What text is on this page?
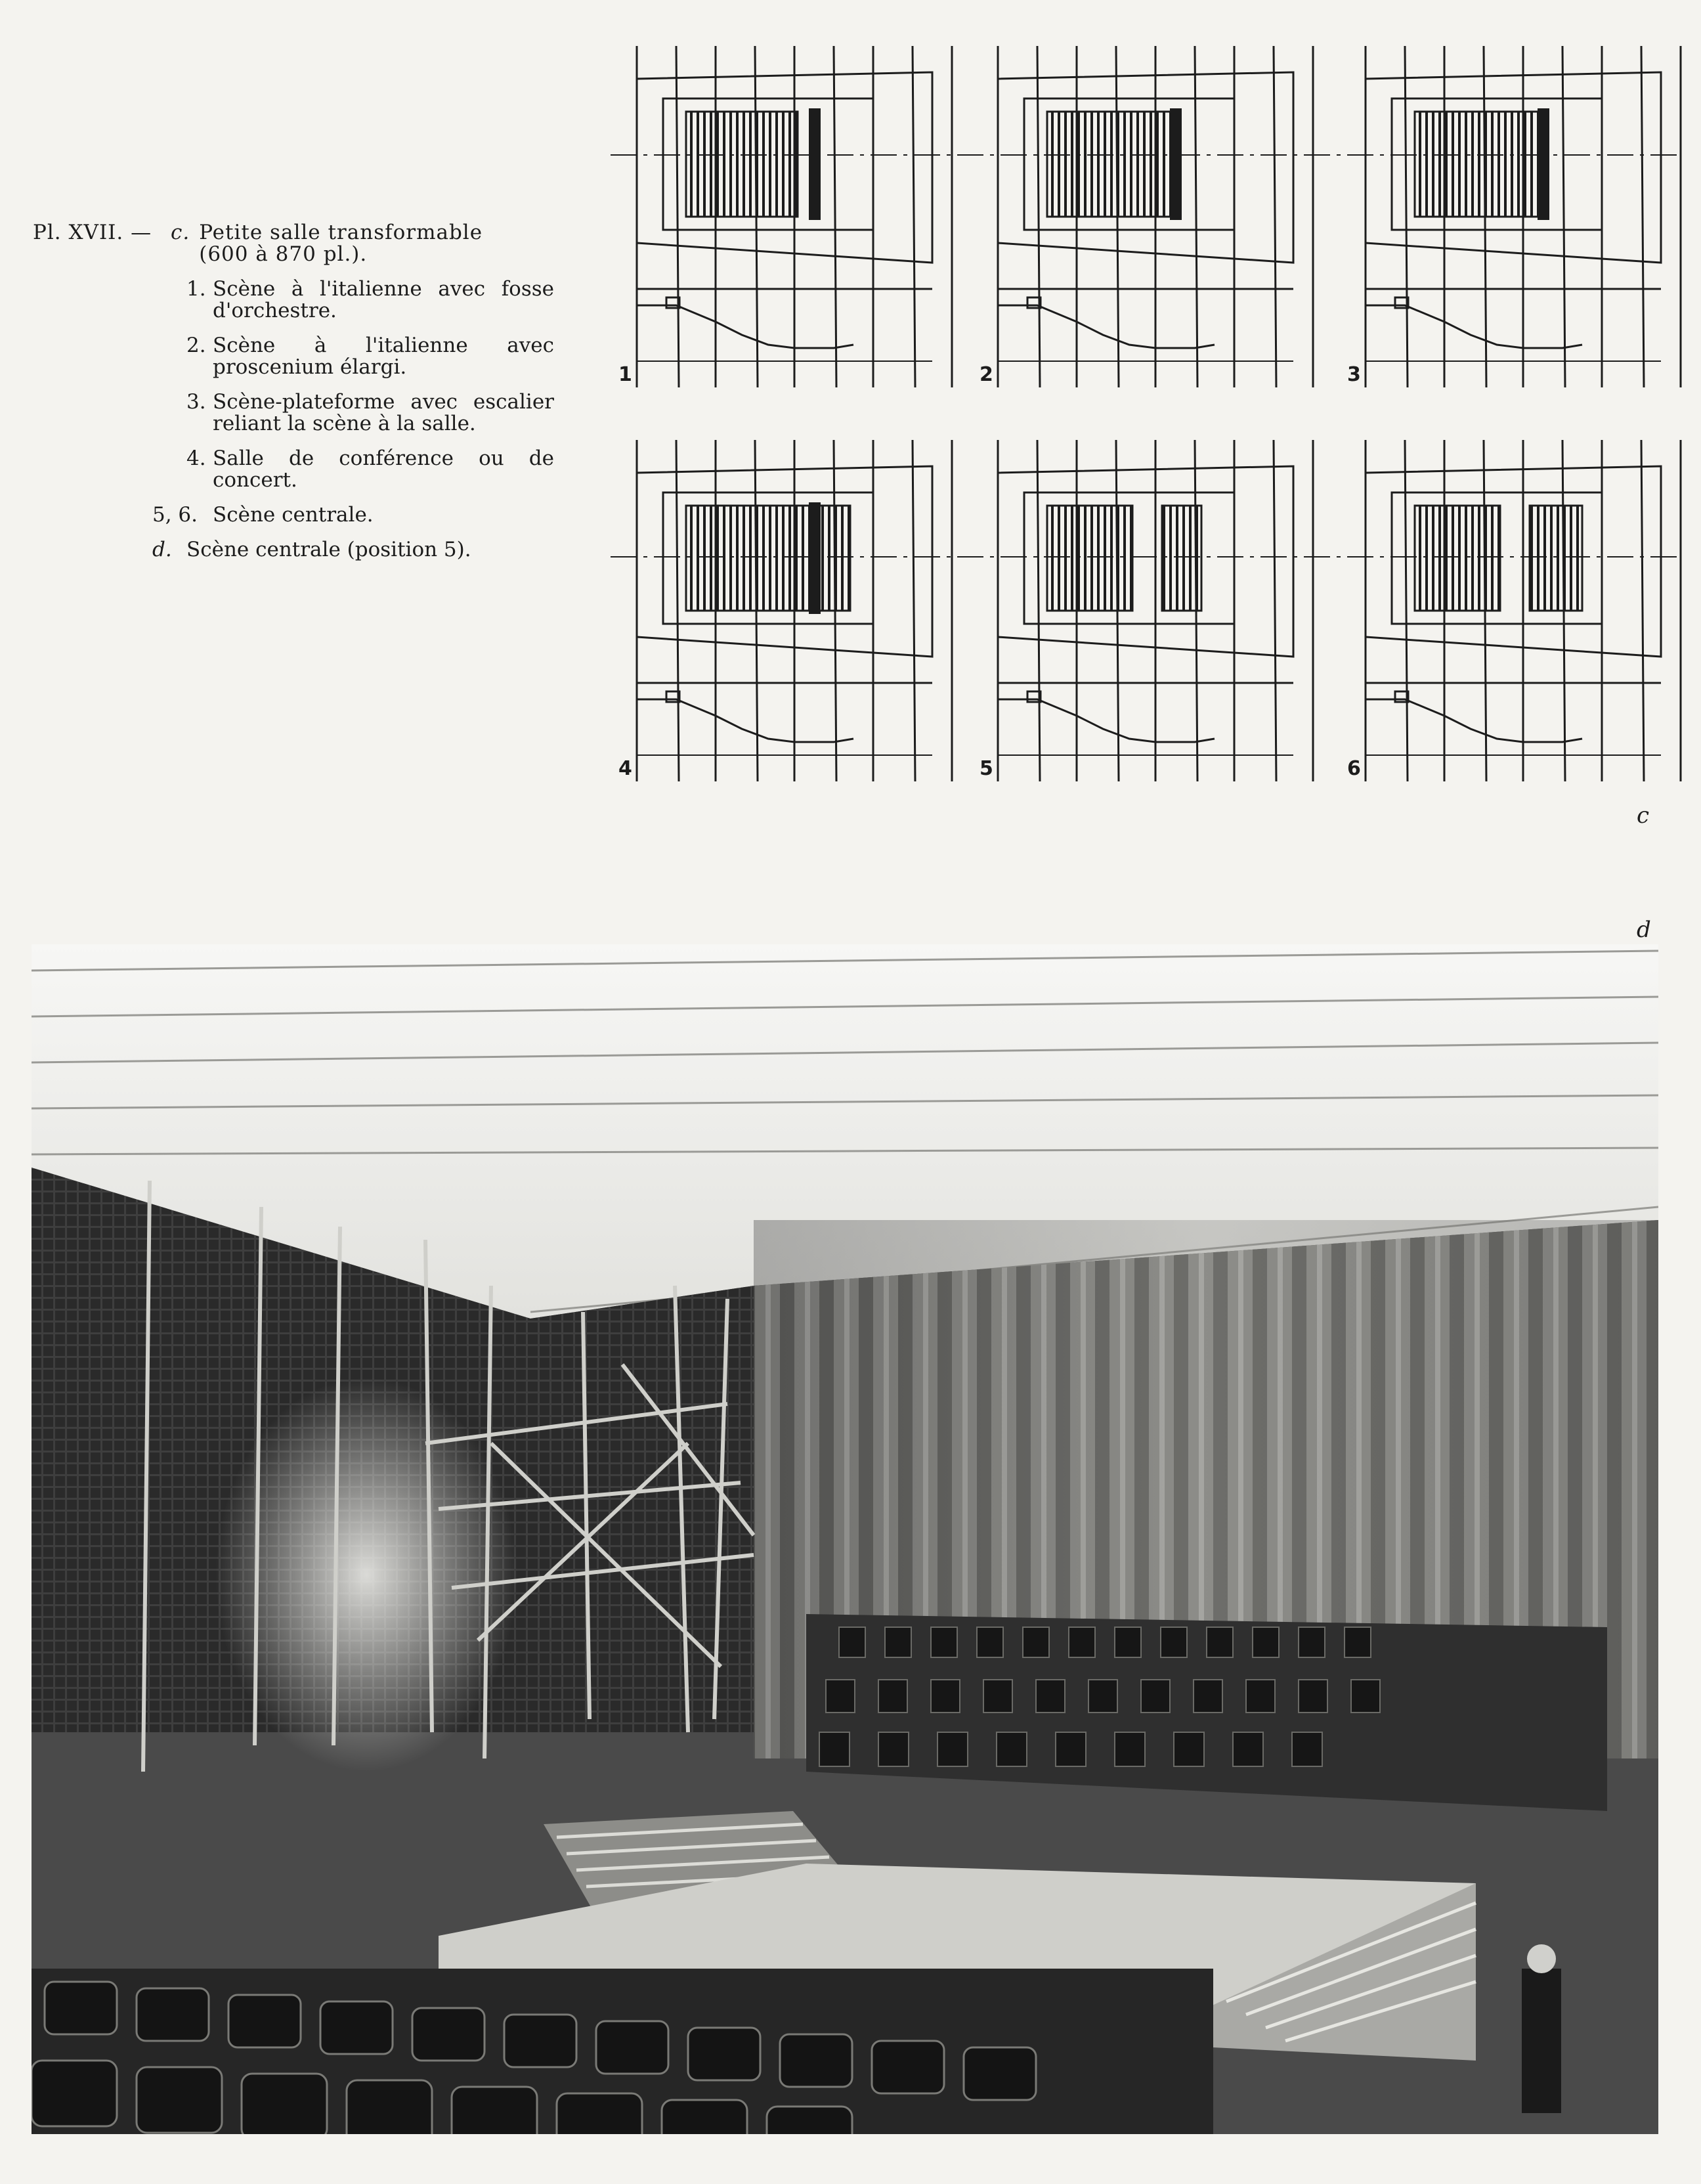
Pl. XVII. — c. Petite salle transformable (600 à 870 pl.).
1. Scène à l'italienne avec fosse d'orchestre.
2. Scène à l'italienne avec proscenium élargi.
3. Scène-plateforme avec escalier reliant la scène à la salle.
4. Salle de conférence ou de concert.
5, 6. Scène centrale.
d. Scène centrale (position 5).
1	2	3
4	5	6
c
d
